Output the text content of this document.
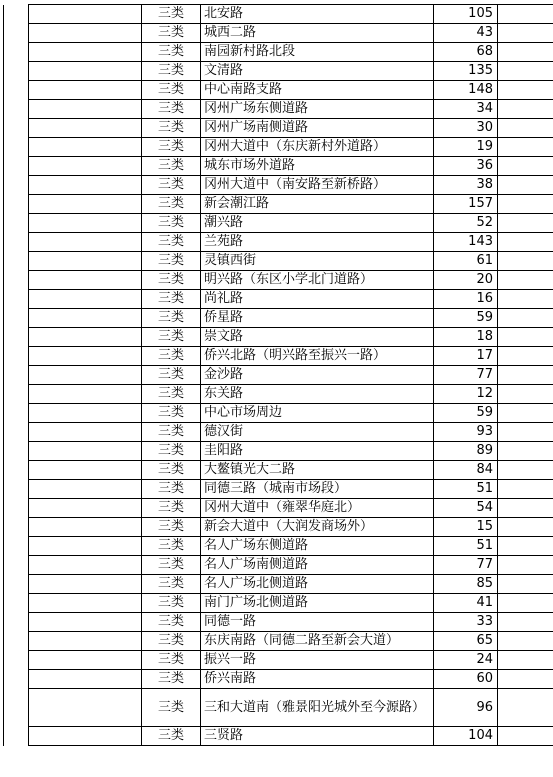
		三类	北安路	105	
		三类	城西二路	43	
		三类	南园新村路北段	68	
		三类	文清路	135	
		三类	中心南路支路	148	
		三类	冈州广场东侧道路	34	
		三类	冈州广场南侧道路	30	
		三类	冈州大道中（东庆新村外道路）	19	
		三类	城东市场外道路	36	
		三类	冈州大道中（南安路至新桥路）	38	
		三类	新会潮江路	157	
		三类	潮兴路	52	
		三类	兰苑路	143	
		三类	灵镇西街	61	
		三类	明兴路（东区小学北门道路）	20	
		三类	尚礼路	16	
		三类	侨星路	59	
		三类	崇文路	18	
		三类	侨兴北路（明兴路至振兴一路）	17	
		三类	金沙路	77	
		三类	东关路	12	
		三类	中心市场周边	59	
		三类	德汉街	93	
		三类	圭阳路	89	
		三类	大鳌镇光大二路	84	
		三类	同德三路（城南市场段）	51	
		三类	冈州大道中（雍翠华庭北）	54	
		三类	新会大道中（大润发商场外）	15	
		三类	名人广场东侧道路	51	
		三类	名人广场南侧道路	77	
		三类	名人广场北侧道路	85	
		三类	南门广场北侧道路	41	
		三类	同德一路	33	
		三类	东庆南路（同德二路至新会大道）	65	
		三类	振兴一路	24	
		三类	侨兴南路	60	
		三类	三和大道南（雅景阳光城外至今源路）	96	
		三类	三贤路	104	
